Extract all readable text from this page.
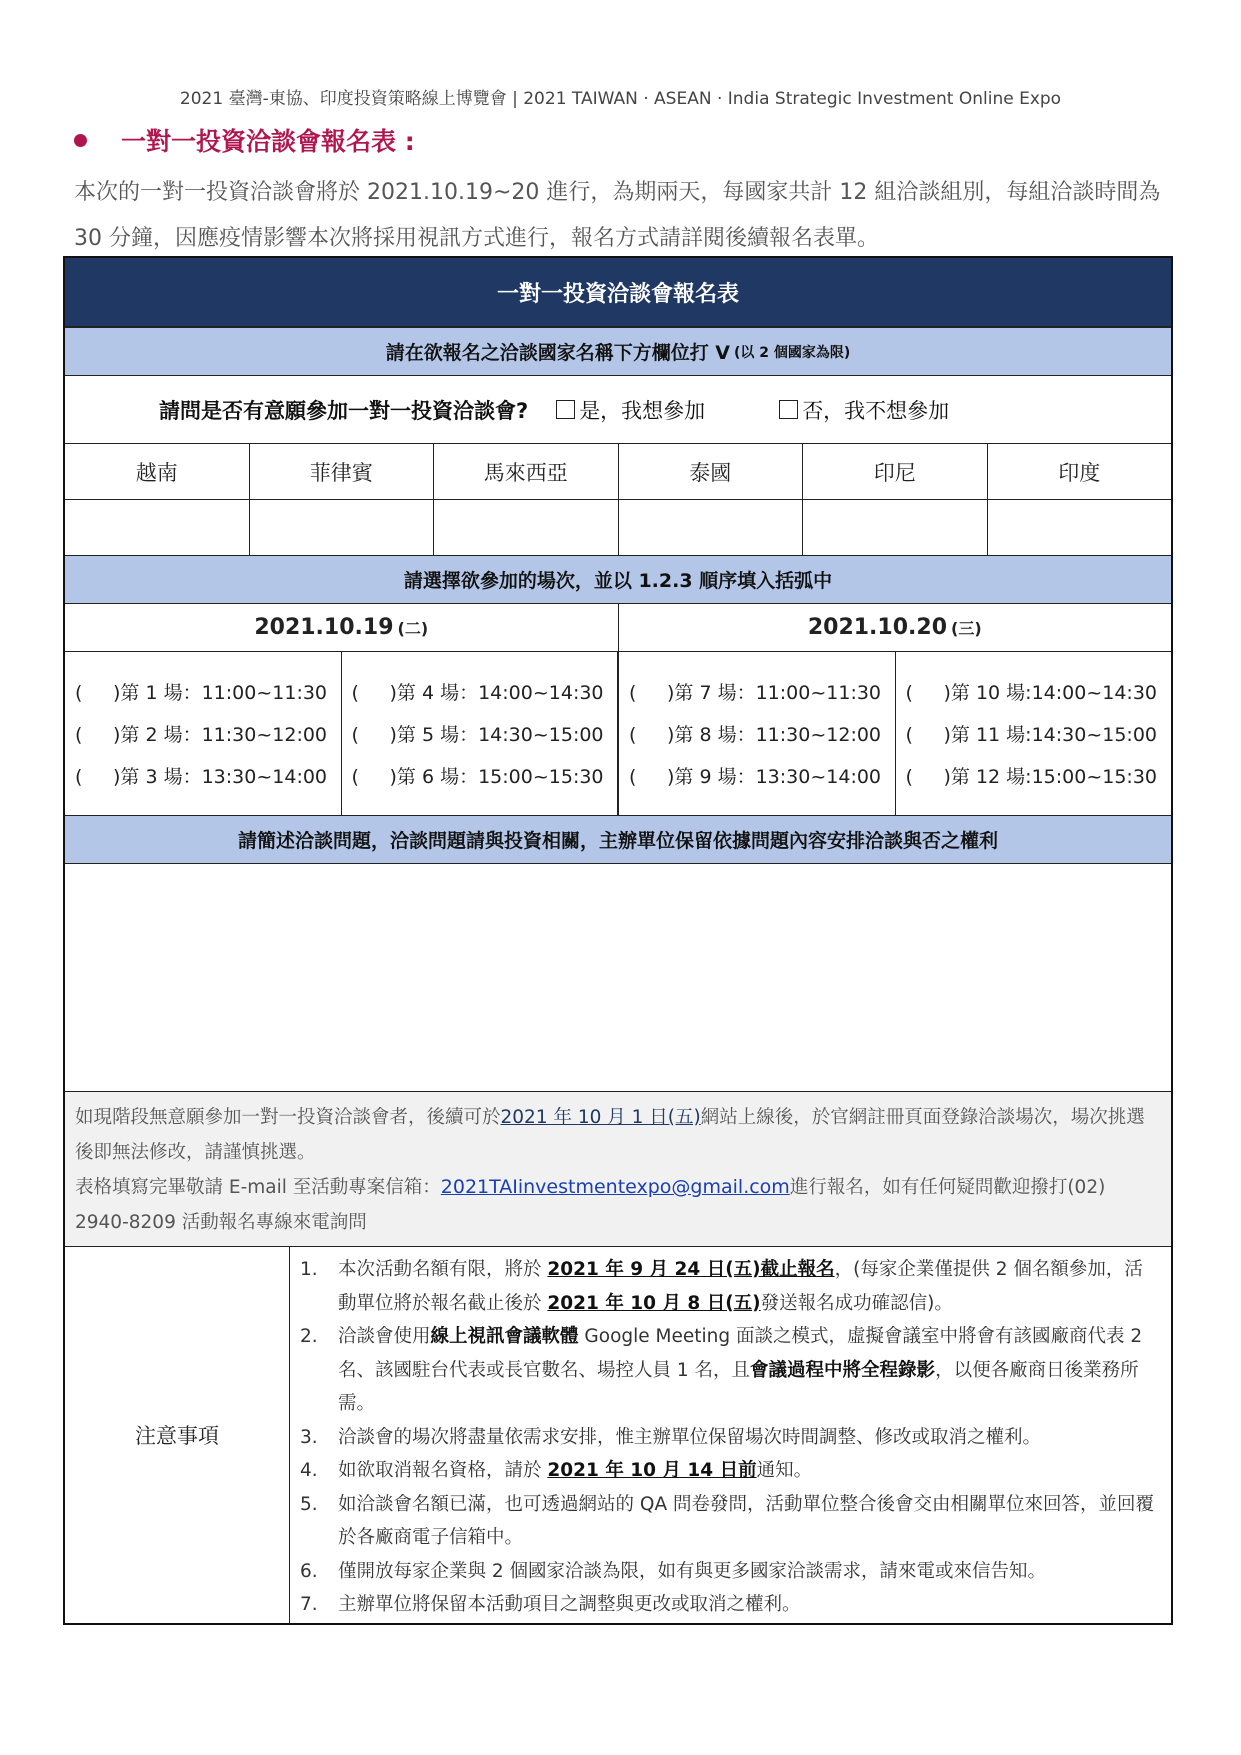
2021 臺灣-東協、印度投資策略線上博覽會 | 2021 TAIWAN · ASEAN · India Strategic Investment Online Expo
一對一投資洽談會報名表 :
本次的一對一投資洽談會將於 2021.10.19~20 進行，為期兩天，每國家共計 12 組洽談組別，每組洽談時間為 30 分鐘，因應疫情影響本次將採用視訊方式進行，報名方式請詳閱後續報名表單。
一對一投資洽談會報名表
請在欲報名之洽談國家名稱下方欄位打 V (以 2 個國家為限)
請問是否有意願參加一對一投資洽談會? 是，我想參加	否，我不想參加
越南	菲律賓	馬來西亞	泰國	印尼	印度
請選擇欲參加的場次，並以 1.2.3 順序填入括弧中
2021.10.19 (二)	2021.10.20 (三)
( )第 1 場：11:00~11:30
( )第 2 場：11:30~12:00
( )第 3 場：13:30~14:00
( )第 4 場：14:00~14:30
( )第 5 場：14:30~15:00
( )第 6 場：15:00~15:30
( )第 7 場：11:00~11:30
( )第 8 場：11:30~12:00
( )第 9 場：13:30~14:00
( )第 10 場:14:00~14:30
( )第 11 場:14:30~15:00
( )第 12 場:15:00~15:30
請簡述洽談問題，洽談問題請與投資相關，主辦單位保留依據問題內容安排洽談與否之權利
如現階段無意願參加一對一投資洽談會者，後續可於2021 年 10 月 1 日(五)網站上線後，於官網註冊頁面登錄洽談場次，場次挑選後即無法修改，請謹慎挑選。
表格填寫完畢敬請 E-mail 至活動專案信箱：2021TAIinvestmentexpo@gmail.com進行報名，如有任何疑問歡迎撥打(02) 2940-8209 活動報名專線來電詢問
注意事項
1.	本次活動名額有限，將於 2021 年 9 月 24 日(五)截止報名，(每家企業僅提供 2 個名額參加，活動單位將於報名截止後於 2021 年 10 月 8 日(五)發送報名成功確認信)。
2.	洽談會使用線上視訊會議軟體 Google Meeting 面談之模式，虛擬會議室中將會有該國廠商代表 2 名、該國駐台代表或長官數名、場控人員 1 名，且會議過程中將全程錄影，以便各廠商日後業務所需。
3.	洽談會的場次將盡量依需求安排，惟主辦單位保留場次時間調整、修改或取消之權利。
4.	如欲取消報名資格，請於 2021 年 10 月 14 日前通知。
5.	如洽談會名額已滿，也可透過網站的 QA 問卷發問，活動單位整合後會交由相關單位來回答，並回覆於各廠商電子信箱中。
6.	僅開放每家企業與 2 個國家洽談為限，如有與更多國家洽談需求，請來電或來信告知。
7.	主辦單位將保留本活動項目之調整與更改或取消之權利。
